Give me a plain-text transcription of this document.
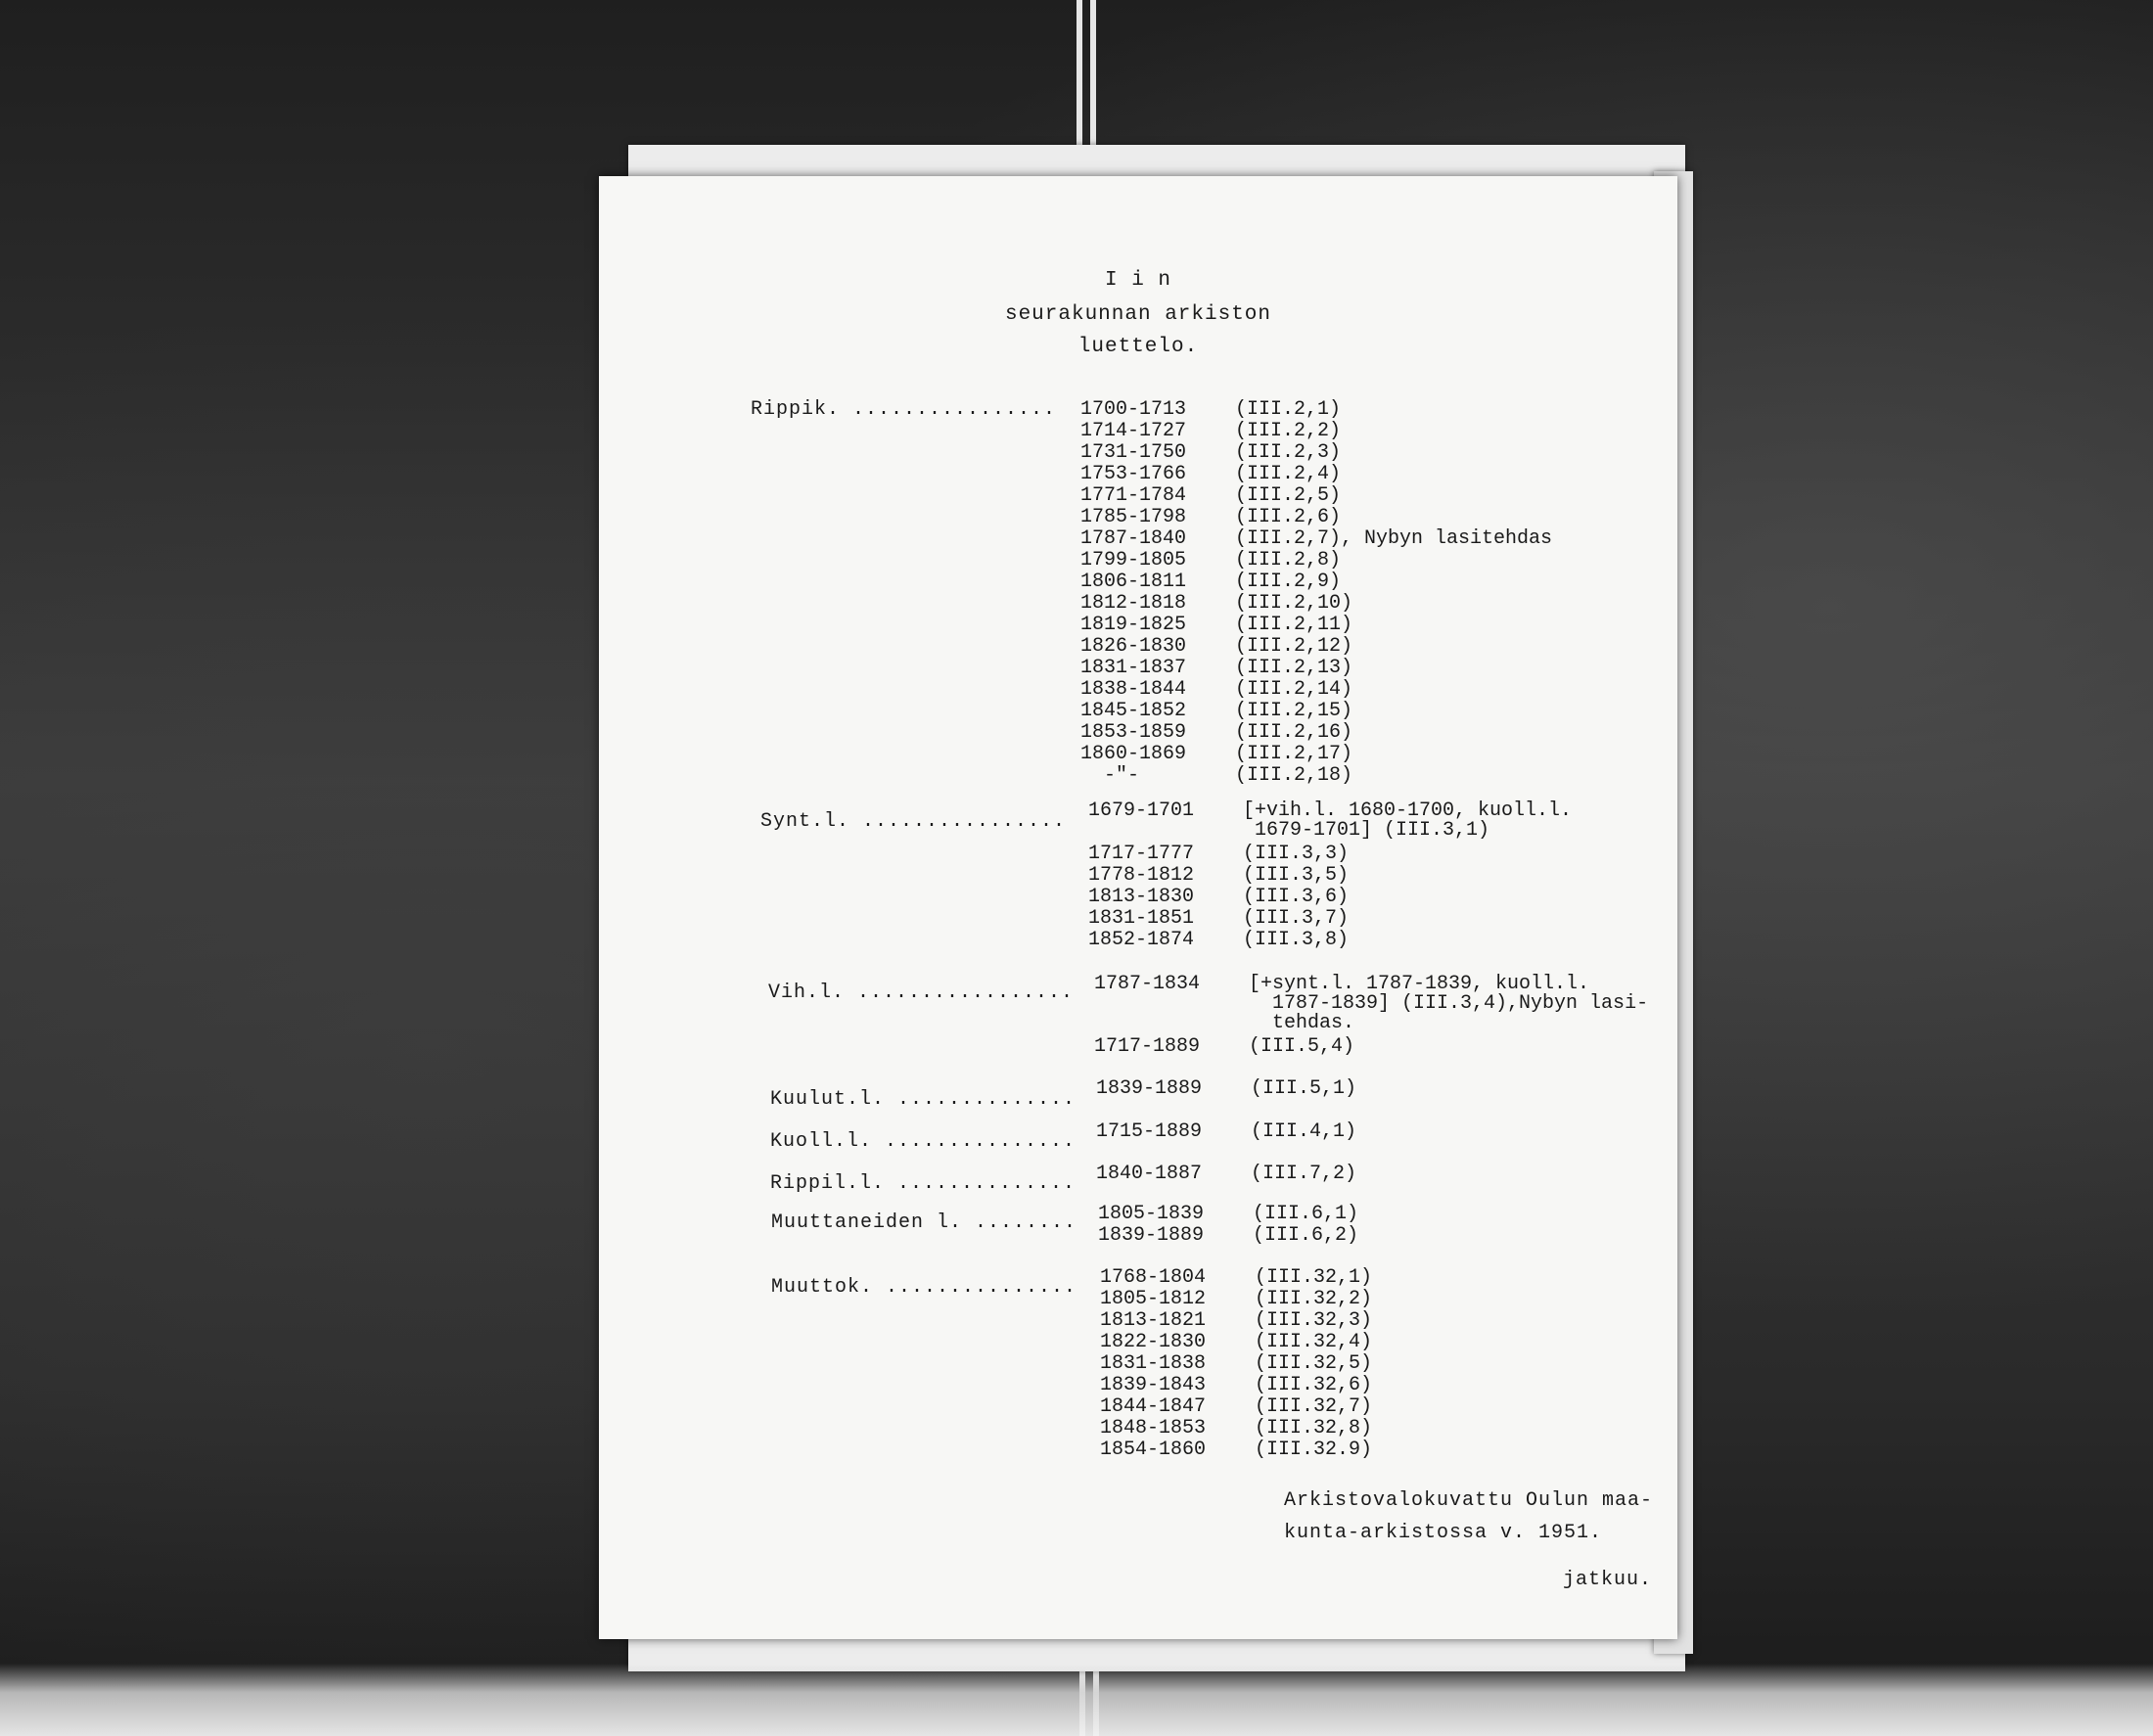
I i n
seurakunnan arkiston
luettelo.
Rippik. ................ 1700-1713	(III.2,1)
1714-1727	(III.2,2)
1731-1750	(III.2,3)
1753-1766	(III.2,4)
1771-1784	(III.2,5)
1785-1798	(III.2,6)
1787-1840	(III.2,7), Nybyn lasitehdas
1799-1805	(III.2,8)
1806-1811	(III.2,9)
1812-1818	(III.2,10)
1819-1825	(III.2,11)
1826-1830	(III.2,12)
1831-1837	(III.2,13)
1838-1844	(III.2,14)
1845-1852	(III.2,15)
1853-1859	(III.2,16)
1860-1869	(III.2,17)
-"-	(III.2,18)
Synt.l. ................ 1679-1701	[+vih.l. 1680-1700, kuoll.l.
1679-1701] (III.3,1)
1717-1777	(III.3,3)
1778-1812	(III.3,5)
1813-1830	(III.3,6)
1831-1851	(III.3,7)
1852-1874	(III.3,8)
Vih.l. ................. 1787-1834	[+synt.l. 1787-1839, kuoll.l.
1787-1839] (III.3,4),Nybyn lasi-
tehdas.
1717-1889	(III.5,4)
Kuulut.l. .............. 1839-1889	(III.5,1)
Kuoll.l. ............... 1715-1889	(III.4,1)
Rippil.l. .............. 1840-1887	(III.7,2)
Muuttaneiden l. ........ 1805-1839	(III.6,1)
1839-1889	(III.6,2)
Muuttok. ............... 1768-1804	(III.32,1)
1805-1812	(III.32,2)
1813-1821	(III.32,3)
1822-1830	(III.32,4)
1831-1838	(III.32,5)
1839-1843	(III.32,6)
1844-1847	(III.32,7)
1848-1853	(III.32,8)
1854-1860	(III.32.9)
Arkistovalokuvattu Oulun maa-
kunta-arkistossa v. 1951.
jatkuu.
